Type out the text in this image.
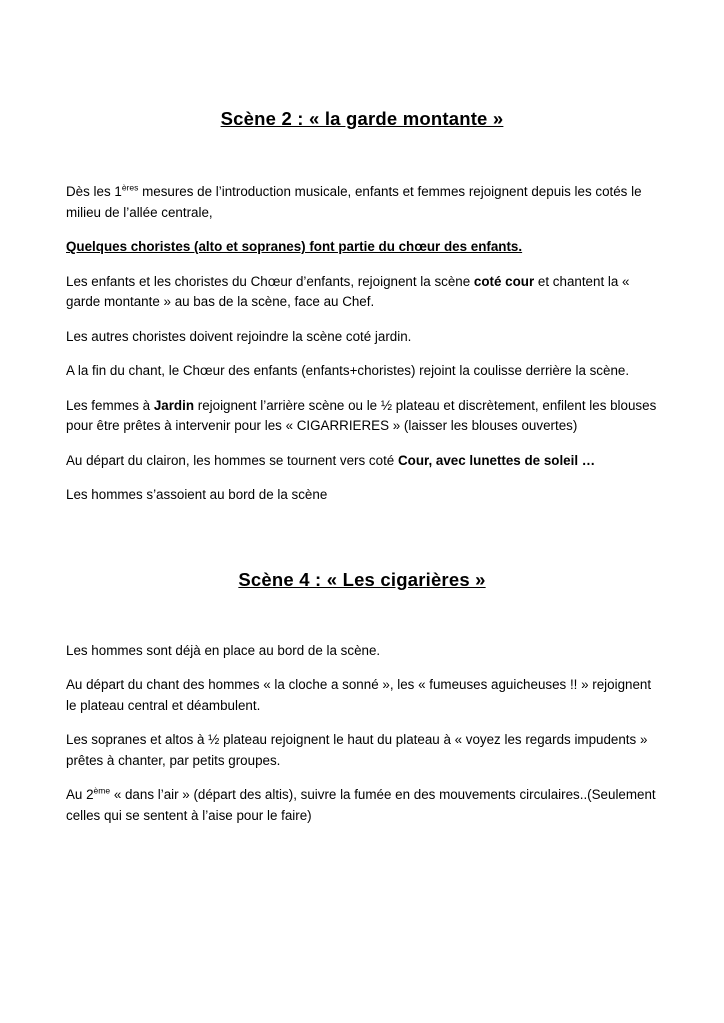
Scène 2 : « la garde montante »

Dès les 1ères mesures de l’introduction musicale, enfants et femmes rejoignent depuis les cotés le milieu de l’allée centrale,

Quelques choristes (alto et sopranes) font partie du chœur des enfants.

Les enfants et les choristes du Chœur d’enfants, rejoignent la scène coté cour et chantent la « garde montante » au bas de la scène, face au Chef.

Les autres choristes doivent rejoindre la scène coté jardin.

A la fin du chant, le Chœur des enfants (enfants+choristes) rejoint la coulisse derrière la scène.

Les femmes à Jardin rejoignent l’arrière scène ou le ½ plateau et discrètement, enfilent les blouses pour être prêtes à intervenir pour les « CIGARRIERES » (laisser les blouses ouvertes)

Au départ du clairon, les hommes se tournent vers coté Cour, avec lunettes de soleil …

Les hommes s’assoient au bord de la scène

Scène 4 : « Les cigarières »

Les hommes sont déjà en place au bord de la scène.

Au départ du chant des hommes « la cloche a sonné », les « fumeuses aguicheuses !! » rejoignent le plateau central et déambulent.

Les sopranes et altos à ½ plateau rejoignent le haut du plateau à « voyez les regards impudents » prêtes à chanter, par petits groupes.

Au 2ème « dans l’air » (départ des altis), suivre la fumée en des mouvements circulaires..(Seulement celles qui se sentent à l’aise pour le faire)
